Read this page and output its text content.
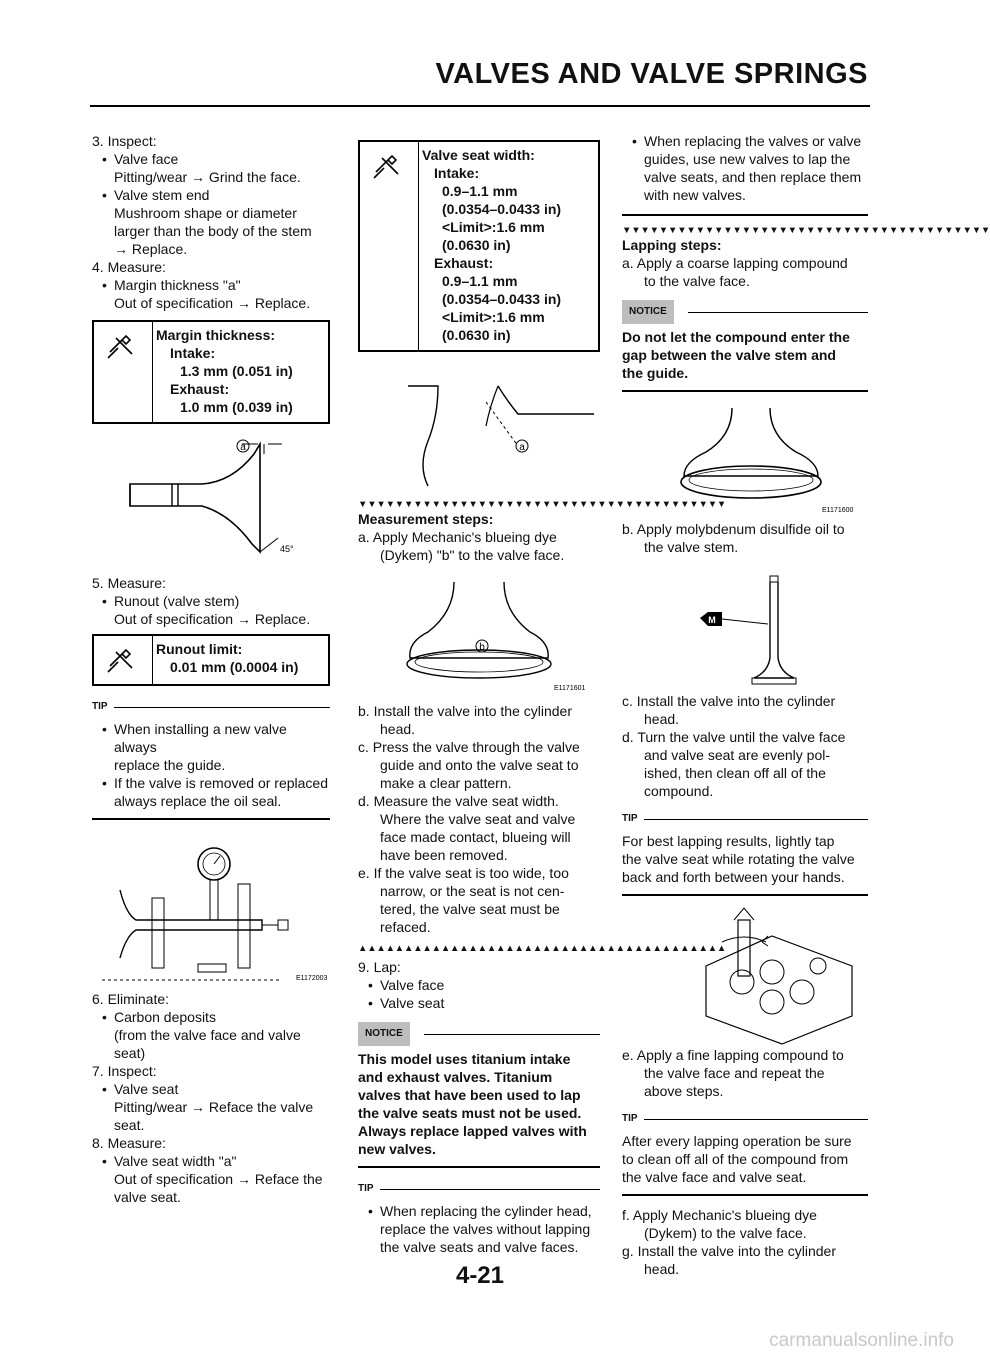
VALVES AND VALVE SPRINGS
3. Inspect:
• Valve face
Pitting/wear → Grind the face.
• Valve stem end
Mushroom shape or diameter
larger than the body of the stem
→ Replace.
4. Measure:
• Margin thickness "a"
Out of specification → Replace.
Margin thickness:
Intake:
1.3 mm (0.051 in)
Exhaust:
1.0 mm (0.039 in)
a
45°
5. Measure:
• Runout (valve stem)
Out of specification → Replace.
Runout limit:
0.01 mm (0.0004 in)
TIP
• When installing a new valve always
replace the guide.
• If the valve is removed or replaced
always replace the oil seal.
E1172003
6. Eliminate:
• Carbon deposits
(from the valve face and valve
seat)
7. Inspect:
• Valve seat
Pitting/wear → Reface the valve
seat.
8. Measure:
• Valve seat width "a"
Out of specification → Reface the
valve seat.
Valve seat width:
Intake:
0.9–1.1 mm
(0.0354–0.0433 in)
<Limit>:1.6 mm
(0.0630 in)
Exhaust:
0.9–1.1 mm
(0.0354–0.0433 in)
<Limit>:1.6 mm
(0.0630 in)
a
▼▼▼▼▼▼▼▼▼▼▼▼▼▼▼▼▼▼▼▼▼▼▼▼▼▼▼▼▼▼▼▼▼▼▼▼▼▼▼▼
Measurement steps:
a. Apply Mechanic's blueing dye
(Dykem) "b" to the valve face.
b
E1171601
b. Install the valve into the cylinder
head.
c. Press the valve through the valve
guide and onto the valve seat to
make a clear pattern.
d. Measure the valve seat width.
Where the valve seat and valve
face made contact, blueing will
have been removed.
e. If the valve seat is too wide, too
narrow, or the seat is not cen-
tered, the valve seat must be
refaced.
▲▲▲▲▲▲▲▲▲▲▲▲▲▲▲▲▲▲▲▲▲▲▲▲▲▲▲▲▲▲▲▲▲▲▲▲▲▲▲▲
9. Lap:
• Valve face
• Valve seat
NOTICE
This model uses titanium intake
and exhaust valves. Titanium
valves that have been used to lap
the valve seats must not be used.
Always replace lapped valves with
new valves.
TIP
• When replacing the cylinder head,
replace the valves without lapping
the valve seats and valve faces.
• When replacing the valves or valve
guides, use new valves to lap the
valve seats, and then replace them
with new valves.
▼▼▼▼▼▼▼▼▼▼▼▼▼▼▼▼▼▼▼▼▼▼▼▼▼▼▼▼▼▼▼▼▼▼▼▼▼▼▼▼
Lapping steps:
a. Apply a coarse lapping compound
to the valve face.
NOTICE
Do not let the compound enter the
gap between the valve stem and
the guide.
E1171600
b. Apply molybdenum disulfide oil to
the valve stem.
M
c. Install the valve into the cylinder
head.
d. Turn the valve until the valve face
and valve seat are evenly pol-
ished, then clean off all of the
compound.
TIP
For best lapping results, lightly tap
the valve seat while rotating the valve
back and forth between your hands.
e. Apply a fine lapping compound to
the valve face and repeat the
above steps.
TIP
After every lapping operation be sure
to clean off all of the compound from
the valve face and valve seat.
f. Apply Mechanic's blueing dye
(Dykem) to the valve face.
g. Install the valve into the cylinder
head.
4-21
carmanualsonline.info
